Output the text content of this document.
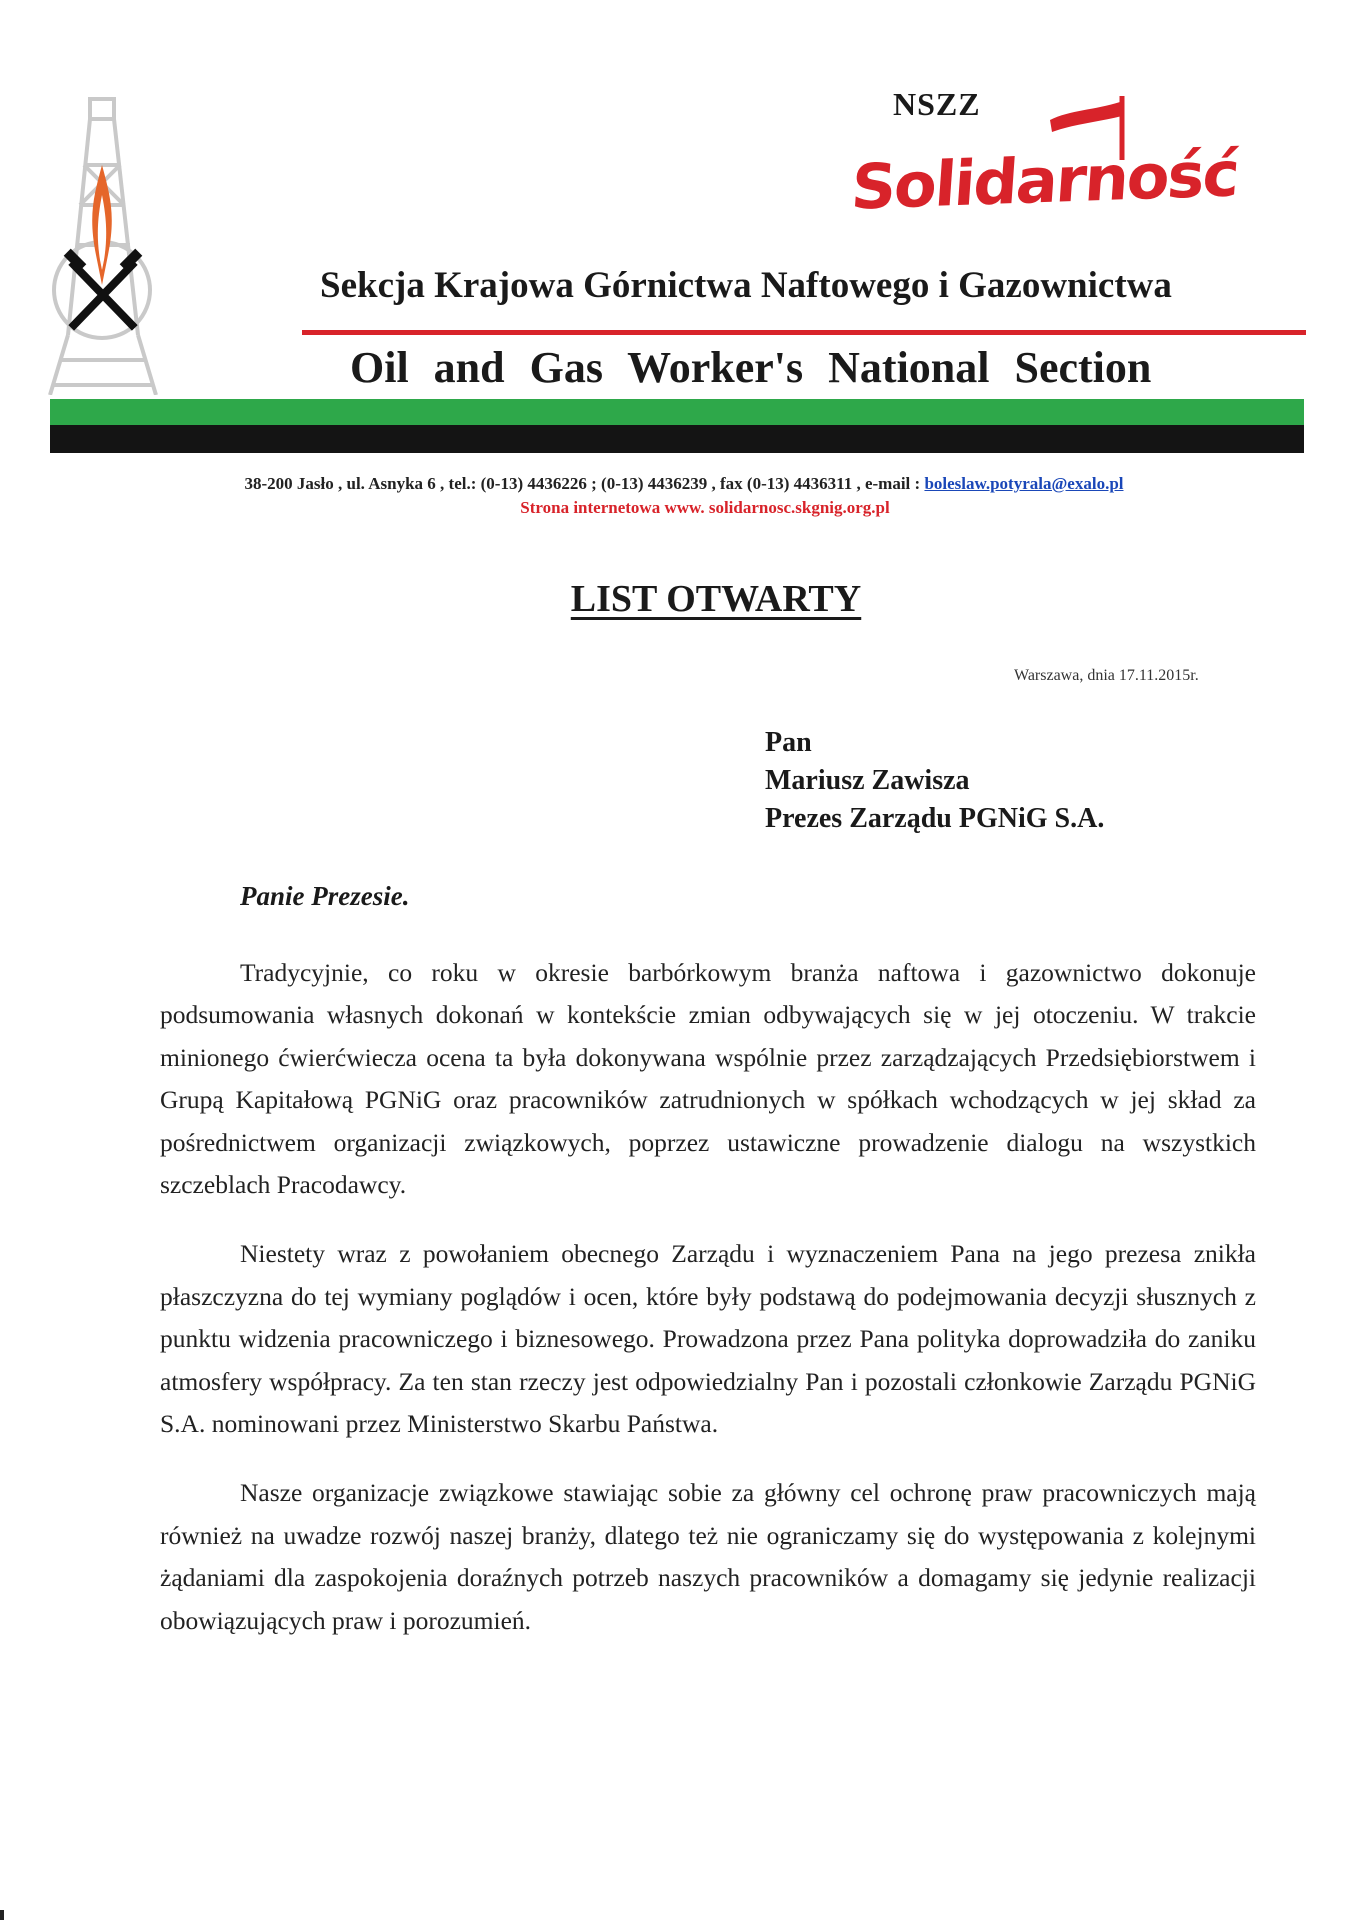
NSZZ
Solidarność
Sekcja Krajowa Górnictwa Naftowego i Gazownictwa
Oil and Gas Worker's National Section
38-200 Jasło , ul. Asnyka 6 , tel.: (0-13) 4436226 ; (0-13) 4436239 , fax (0-13) 4436311 , e-mail : boleslaw.potyrala@exalo.pl
Strona internetowa www. solidarnosc.skgnig.org.pl
LIST OTWARTY
Warszawa, dnia 17.11.2015r.
Pan
Mariusz Zawisza
Prezes Zarządu PGNiG S.A.
Panie Prezesie.

Tradycyjnie, co roku w okresie barbórkowym branża naftowa i gazownictwo dokonuje podsumowania własnych dokonań w kontekście zmian odbywających się w jej otoczeniu. W trakcie minionego ćwierćwiecza ocena ta była dokonywana wspólnie przez zarządzających Przedsiębiorstwem i Grupą Kapitałową PGNiG oraz pracowników zatrudnionych w spółkach wchodzących w jej skład za pośrednictwem organizacji związkowych, poprzez ustawiczne prowadzenie dialogu na wszystkich szczeblach Pracodawcy.

Niestety wraz z powołaniem obecnego Zarządu i wyznaczeniem Pana na jego prezesa znikła płaszczyzna do tej wymiany poglądów i ocen, które były podstawą do podejmowania decyzji słusznych z punktu widzenia pracowniczego i biznesowego. Prowadzona przez Pana polityka doprowadziła do zaniku atmosfery współpracy. Za ten stan rzeczy jest odpowiedzialny Pan i pozostali członkowie Zarządu PGNiG S.A. nominowani przez Ministerstwo Skarbu Państwa.

Nasze organizacje związkowe stawiając sobie za główny cel ochronę praw pracowniczych mają również na uwadze rozwój naszej branży, dlatego też nie ograniczamy się do występowania z kolejnymi żądaniami dla zaspokojenia doraźnych potrzeb naszych pracowników a domagamy się jedynie realizacji obowiązujących praw i porozumień.
